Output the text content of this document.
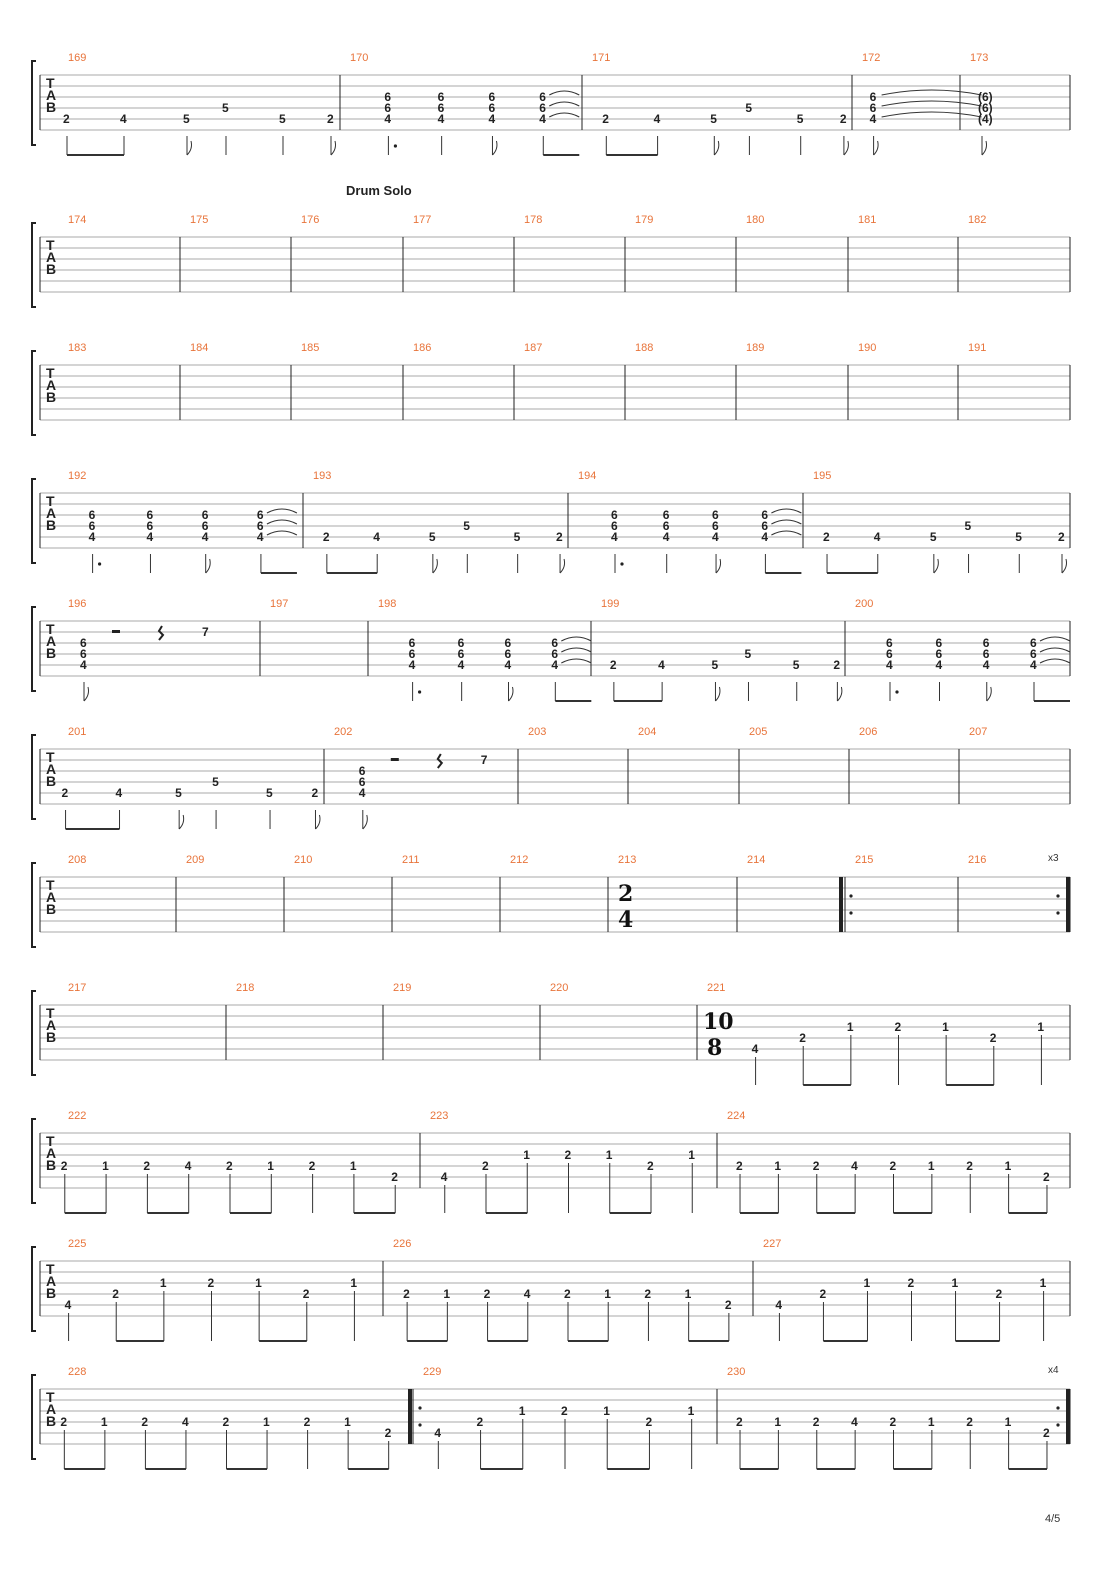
T
A
B
169
2	4	5
5
5	2
170
6
6
4
6
6
4
6
6
4
6
6
4
171
2	4	5
5
5	2
172
6
6
4
173
(6)
(6)
(4)
T
A
B
174	175	176	177	178	179	180	181	182
T
A
B
183	184	185	186	187	188	189	190	191
T
A
B
192
6
6
4
6
6
4
6
6
4
6
6
4
193
2	4	5
5
5	2
194
6
6
4
6
6
4
6
6
4
6
6
4
195
2	4	5
5
5	2
T
A
B
196
6
6
4
7
197	198
6
6
4
6
6
4
6
6
4
6
6
4
199
2	4	5
5
5	2
200
6
6
4
6
6
4
6
6
4
6
6
4
T
A
B
201
2	4	5
5
5	2
202
6
6
4
7
203	204	205	206	207
T
A
B
208	209	210	211	212	213
2
4
214	215	216	x3
T
A
B
217	218	219	220	221
10
8 4
2
1	2	1
2
1
T
A
B
222
2	1	2	4	2	1	2	1
2
223
4
2
1	2	1
2
1
224
2	1	2	4	2	1	2	1
2
T
A
B
225
4
2
1	2	1
2
1
226
2	1	2	4	2	1	2	1
2
227
4
2
1	2	1
2
1
T
A
B
228
2	1	2	4	2	1	2	1
2
229
4
2
1	2	1
2
1
230	x4
2	1	2	4	2	1	2	1
2
Drum Solo
4/5
